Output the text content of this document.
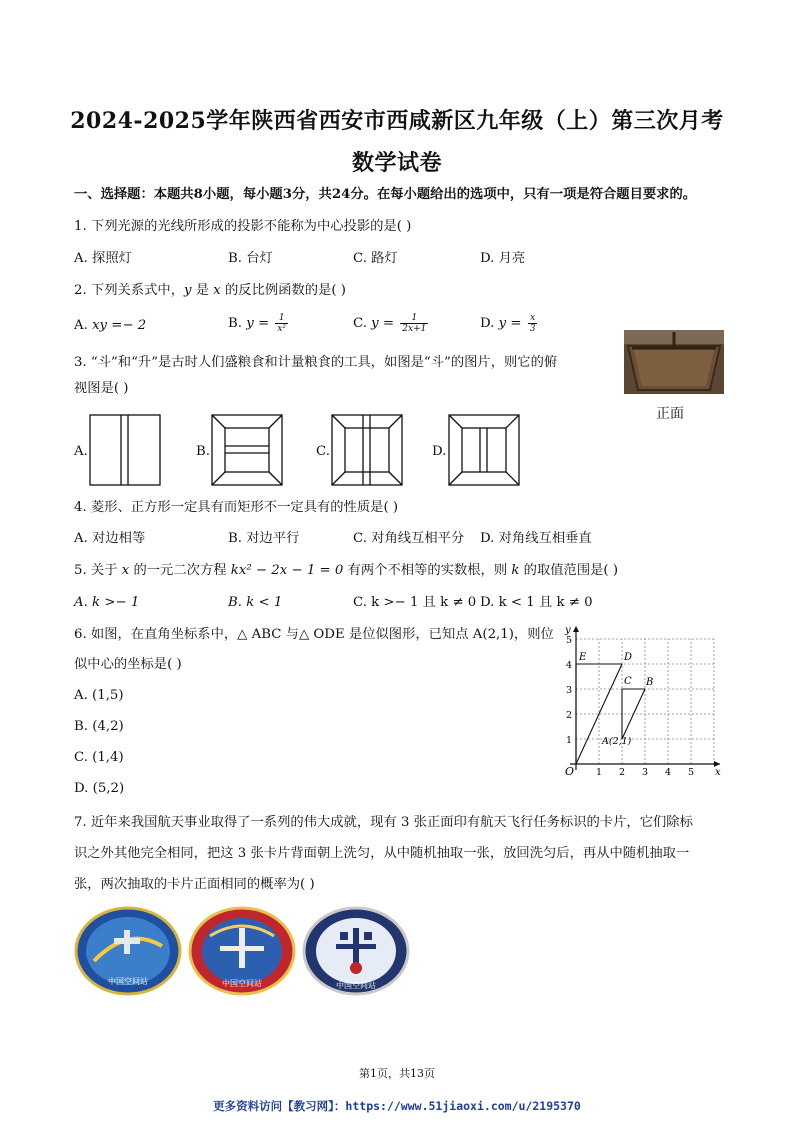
2024-2025学年陕西省西安市西咸新区九年级（上）第三次月考
数学试卷
一、选择题：本题共8小题，每小题3分，共24分。在每小题给出的选项中，只有一项是符合题目要求的。
1. 下列光源的光线所形成的投影不能称为中心投影的是( )
A. 探照灯	B. 台灯	C. 路灯	D. 月亮
2. 下列关系式中，y 是 x 的反比例函数的是( )
A. xy =− 2	B. $y = \frac{1}{\text{x²}}$	C. $y = \frac{1}{2x+1}$	D. $y = \frac{x}{3}$
3. “斗”和“升”是古时人们盛粮食和计量粮食的工具，如图是“斗”的图片，则它的俯
视图是( )
正面
A.	B.	C.	D.
4. 菱形、正方形一定具有而矩形不一定具有的性质是( )
A. 对边相等	B. 对边平行	C. 对角线互相平分 D. 对角线互相垂直
5. 关于 x 的一元二次方程 kx² − 2x − 1 = 0 有两个不相等的实数根，则 k 的取值范围是( )
A. k >− 1	B. k < 1	C. k >− 1 且 k ≠ 0 D. k < 1 且 k ≠ 0
6. 如图，在直角坐标系中，△ ABC 与△ ODE 是位似图形，已知点 A(2,1)，则位
似中心的坐标是( )
A. (1,5)
B. (4,2)
C. (1,4)
D. (5,2)
x
y
O 1 2 3 4 5
1
2
3
4
5
E	D
C B
A(2,1)
7. 近年来我国航天事业取得了一系列的伟大成就，现有 3 张正面印有航天飞行任务标识的卡片，它们除标
识之外其他完全相同，把这 3 张卡片背面朝上洗匀，从中随机抽取一张，放回洗匀后，再从中随机抽取一
张，两次抽取的卡片正面相同的概率为( )
中国空间站	中国空间站	中国空间站
第1页，共13页
更多资料访问【教习网】：https://www.51jiaoxi.com/u/2195370
